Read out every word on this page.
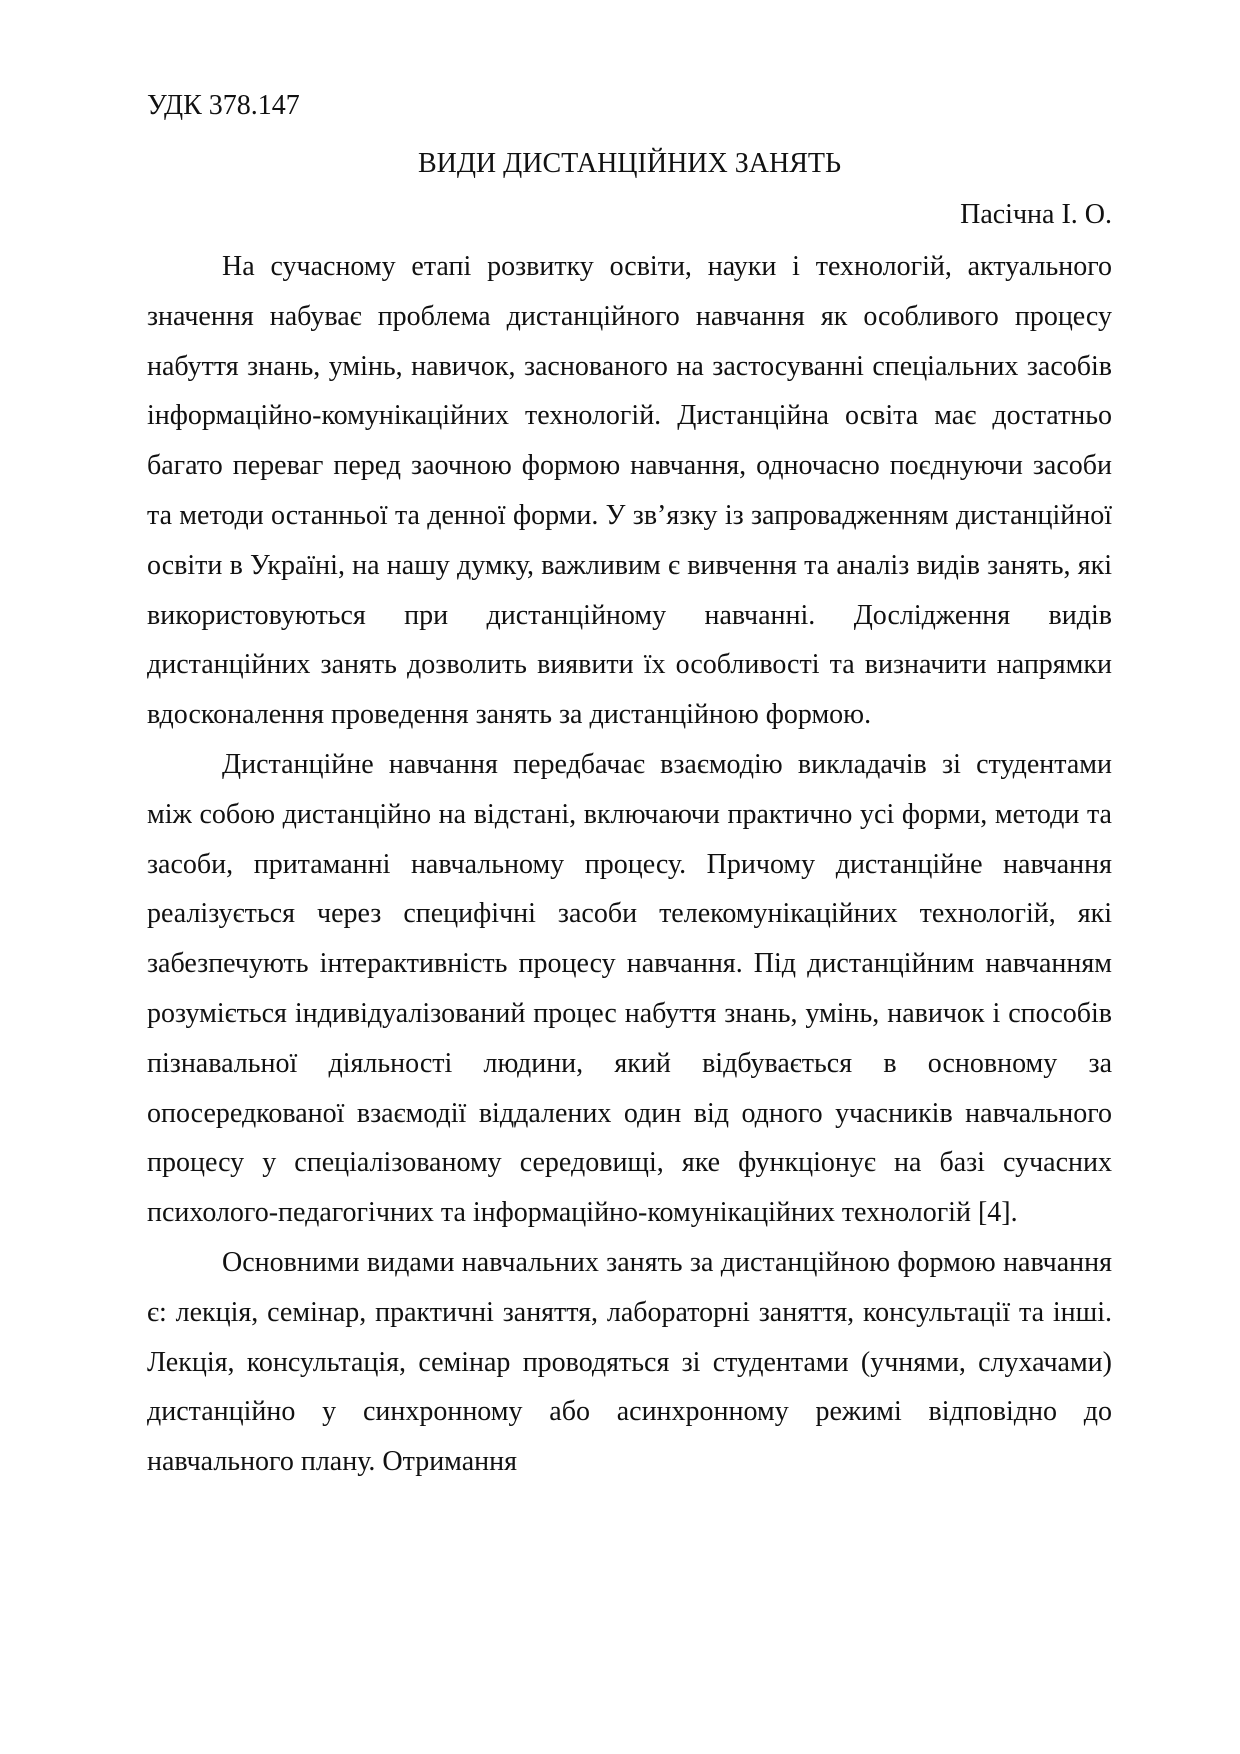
УДК 378.147

ВИДИ ДИСТАНЦІЙНИХ ЗАНЯТЬ

Пасічна І. О.

На сучасному етапі розвитку освіти, науки і технологій, актуального значення набуває проблема дистанційного навчання як особливого процесу набуття знань, умінь, навичок, заснованого на застосуванні спеціальних засобів інформаційно-комунікаційних технологій. Дистанційна освіта має достатньо багато переваг перед заочною формою навчання, одночасно поєднуючи засоби та методи останньої та денної форми. У зв’язку із запровадженням дистанційної освіти в Україні, на нашу думку, важливим є вивчення та аналіз видів занять, які використовуються при дистанційному навчанні. Дослідження видів дистанційних занять дозволить виявити їх особливості та визначити напрямки вдосконалення проведення занять за дистанційною формою.

Дистанційне навчання передбачає взаємодію викладачів зі студентами між собою дистанційно на відстані, включаючи практично усі форми, методи та засоби, притаманні навчальному процесу. Причому дистанційне навчання реалізується через специфічні засоби телекомунікаційних технологій, які забезпечують інтерактивність процесу навчання. Під дистанційним навчанням розуміється індивідуалізований процес набуття знань, умінь, навичок і способів пізнавальної діяльності людини, який відбувається в основному за опосередкованої взаємодії віддалених один від одного учасників навчального процесу у спеціалізованому середовищі, яке функціонує на базі сучасних психолого-педагогічних та інформаційно-комунікаційних технологій [4].

Основними видами навчальних занять за дистанційною формою навчання є: лекція, семінар, практичні заняття, лабораторні заняття, консультації та інші. Лекція, консультація, семінар проводяться зі студентами (учнями, слухачами) дистанційно у синхронному або асинхронному режимі відповідно до навчального плану. Отримання
